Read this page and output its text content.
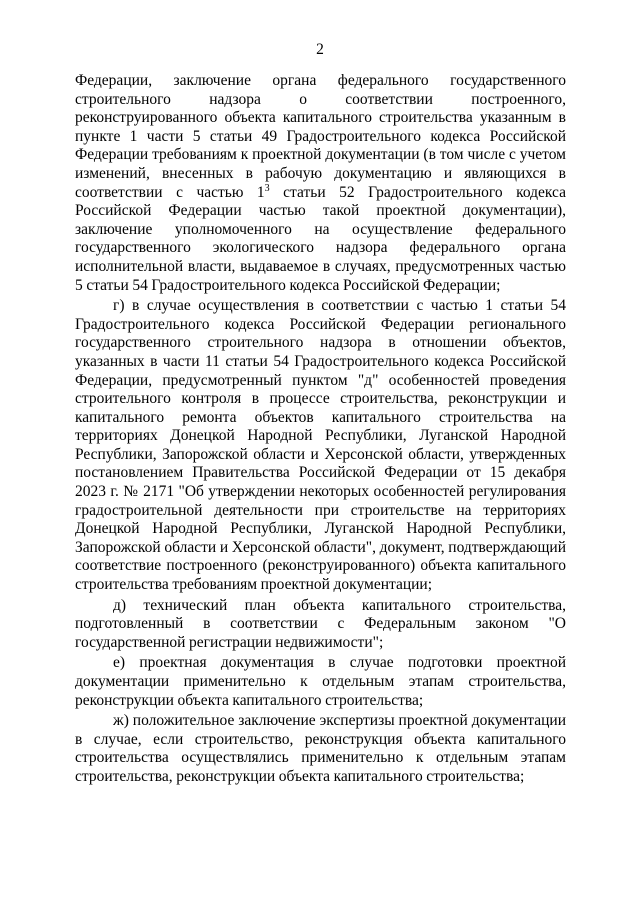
2

Федерации, заключение органа федерального государственного строительного надзора о соответствии построенного, реконструированного объекта капитального строительства указанным в пункте 1 части 5 статьи 49 Градостроительного кодекса Российской Федерации требованиям к проектной документации (в том числе с учетом изменений, внесенных в рабочую документацию и являющихся в соответствии с частью $1^3$ статьи 52 Градостроительного кодекса Российской Федерации частью такой проектной документации), заключение уполномоченного на осуществление федерального государственного экологического надзора федерального органа исполнительной власти, выдаваемое в случаях, предусмотренных частью 5 статьи 54 Градостроительного кодекса Российской Федерации;

г) в случае осуществления в соответствии с частью 1 статьи 54 Градостроительного кодекса Российской Федерации регионального государственного строительного надзора в отношении объектов, указанных в части 11 статьи 54 Градостроительного кодекса Российской Федерации, предусмотренный пунктом "д" особенностей проведения строительного контроля в процессе строительства, реконструкции и капитального ремонта объектов капитального строительства на территориях Донецкой Народной Республики, Луганской Народной Республики, Запорожской области и Херсонской области, утвержденных постановлением Правительства Российской Федерации от 15 декабря 2023 г. № 2171 "Об утверждении некоторых особенностей регулирования градостроительной деятельности при строительстве на территориях Донецкой Народной Республики, Луганской Народной Республики, Запорожской области и Херсонской области", документ, подтверждающий соответствие построенного (реконструированного) объекта капитального строительства требованиям проектной документации;

д) технический план объекта капитального строительства, подготовленный в соответствии с Федеральным законом "О государственной регистрации недвижимости";

е) проектная документация в случае подготовки проектной документации применительно к отдельным этапам строительства, реконструкции объекта капитального строительства;

ж) положительное заключение экспертизы проектной документации в случае, если строительство, реконструкция объекта капитального строительства осуществлялись применительно к отдельным этапам строительства, реконструкции объекта капитального строительства;
